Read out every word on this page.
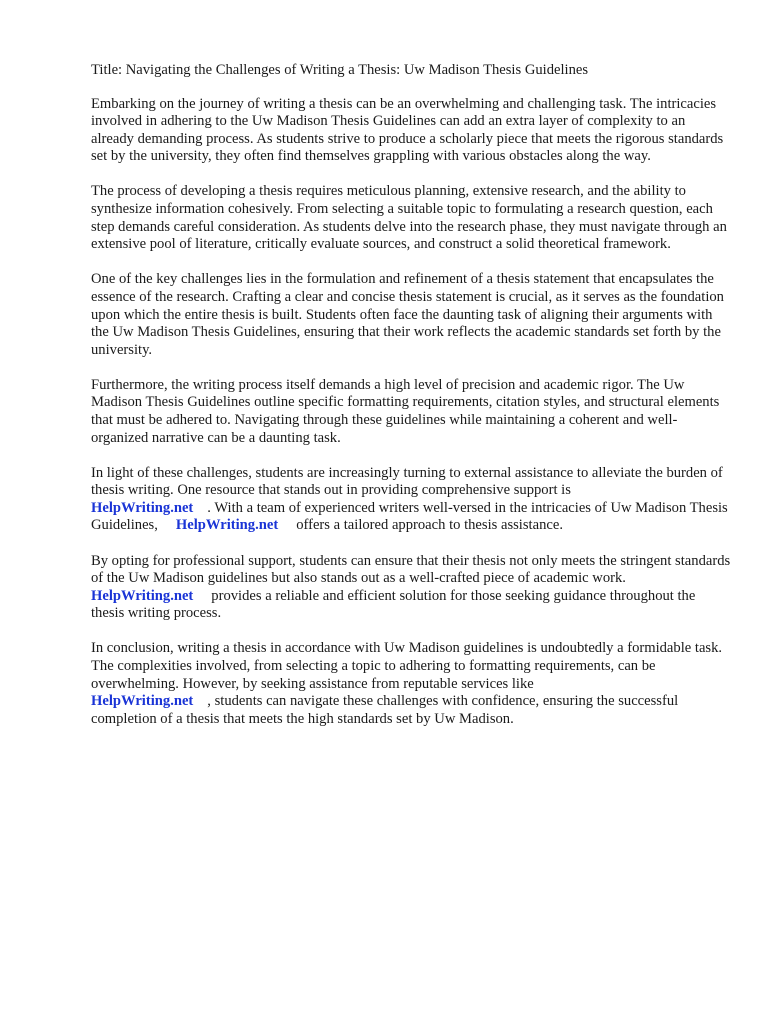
Title: Navigating the Challenges of Writing a Thesis: Uw Madison Thesis Guidelines

Embarking on the journey of writing a thesis can be an overwhelming and challenging task. The intricacies involved in adhering to the Uw Madison Thesis Guidelines can add an extra layer of complexity to an already demanding process. As students strive to produce a scholarly piece that meets the rigorous standards set by the university, they often find themselves grappling with various obstacles along the way.

The process of developing a thesis requires meticulous planning, extensive research, and the ability to synthesize information cohesively. From selecting a suitable topic to formulating a research question, each step demands careful consideration. As students delve into the research phase, they must navigate through an extensive pool of literature, critically evaluate sources, and construct a solid theoretical framework.

One of the key challenges lies in the formulation and refinement of a thesis statement that encapsulates the essence of the research. Crafting a clear and concise thesis statement is crucial, as it serves as the foundation upon which the entire thesis is built. Students often face the daunting task of aligning their arguments with the Uw Madison Thesis Guidelines, ensuring that their work reflects the academic standards set forth by the university.

Furthermore, the writing process itself demands a high level of precision and academic rigor. The Uw Madison Thesis Guidelines outline specific formatting requirements, citation styles, and structural elements that must be adhered to. Navigating through these guidelines while maintaining a coherent and well-organized narrative can be a daunting task.

In light of these challenges, students are increasingly turning to external assistance to alleviate the burden of thesis writing. One resource that stands out in providing comprehensive support is
HelpWriting.net . With a team of experienced writers well-versed in the intricacies of Uw Madison Thesis Guidelines, HelpWriting.net offers a tailored approach to thesis assistance.

By opting for professional support, students can ensure that their thesis not only meets the stringent standards of the Uw Madison guidelines but also stands out as a well-crafted piece of academic work.HelpWriting.net provides a reliable and efficient solution for those seeking guidance throughout the thesis writing process.

In conclusion, writing a thesis in accordance with Uw Madison guidelines is undoubtedly a formidable task. The complexities involved, from selecting a topic to adhering to formatting requirements, can be overwhelming. However, by seeking assistance from reputable services like
HelpWriting.net , students can navigate these challenges with confidence, ensuring the successful completion of a thesis that meets the high standards set by Uw Madison.
